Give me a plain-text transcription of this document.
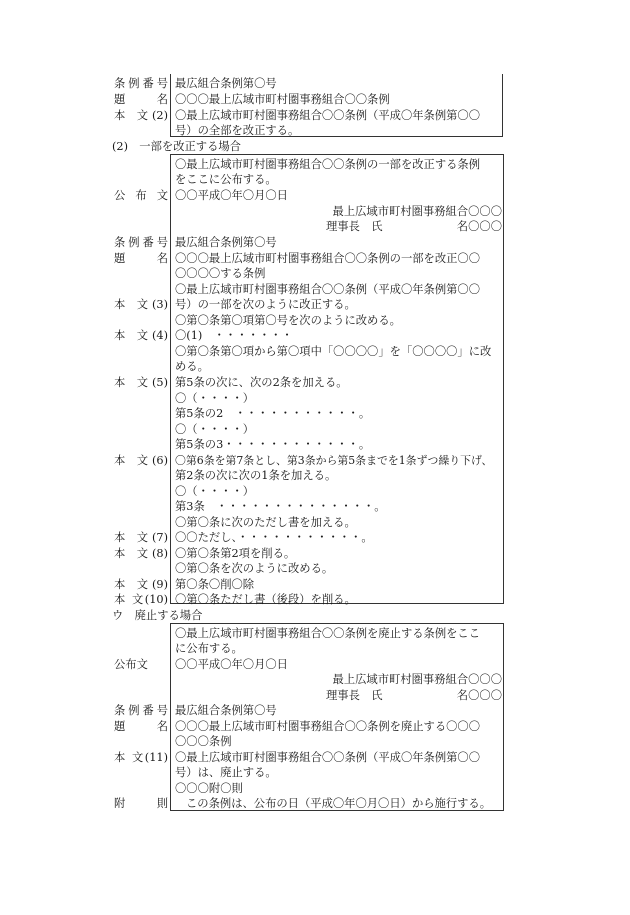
条例番号 最広組合条例第〇号
題　　名 〇〇〇最上広域市町村圏事務組合〇〇条例
本 文(2) 〇最上広域市町村圏事務組合〇〇条例（平成〇年条例第〇〇
号）の全部を改正する。
(2)　一部を改正する場合
〇最上広域市町村圏事務組合〇〇条例の一部を改正する条例
をここに公布する。
公 布 文 〇〇平成〇年〇月〇日
最上広域市町村圏事務組合〇〇〇
理事長　氏	名〇〇〇
条例番号 最広組合条例第〇号
題　　名 〇〇〇最上広域市町村圏事務組合〇〇条例の一部を改正〇〇
〇〇〇〇する条例
〇最上広域市町村圏事務組合〇〇条例（平成〇年条例第〇〇
本 文(3) 号）の一部を次のように改正する。
〇第〇条第〇項第〇号を次のように改める。
本 文(4) 〇(1)　・・・・・・・
〇第〇条第〇項から第〇項中「〇〇〇〇」を「〇〇〇〇」に改
める。
本 文(5) 第5条の次に、次の2条を加える。
〇（・・・・）
第5条の2　・・・・・・・・・・・。
〇（・・・・）
第5条の3・・・・・・・・・・・・。
本 文(6) 〇第6条を第7条とし、第3条から第5条までを1条ずつ繰り下げ、
第2条の次に次の1条を加える。
〇（・・・・）
第3条　・・・・・・・・・・・・・・。
〇第〇条に次のただし書を加える。
本 文(7) 〇〇ただし、・・・・・・・・・・・。
本 文(8) 〇第〇条第2項を削る。
〇第〇条を次のように改める。
本 文(9) 第〇条〇削〇除
本 文(10) 〇第〇条ただし書（後段）を削る。
ウ　廃止する場合
〇最上広域市町村圏事務組合〇〇条例を廃止する条例をここ
に公布する。
公布文 〇〇平成〇年〇月〇日
最上広域市町村圏事務組合〇〇〇
理事長　氏	名〇〇〇
条例番号 最広組合条例第〇号
題　　名 〇〇〇最上広域市町村圏事務組合〇〇条例を廃止する〇〇〇
〇〇〇条例
本 文(11) 〇最上広域市町村圏事務組合〇〇条例（平成〇年条例第〇〇
号）は、廃止する。
〇〇〇附〇則
附　　則 この条例は、公布の日（平成〇年〇月〇日）から施行する。
